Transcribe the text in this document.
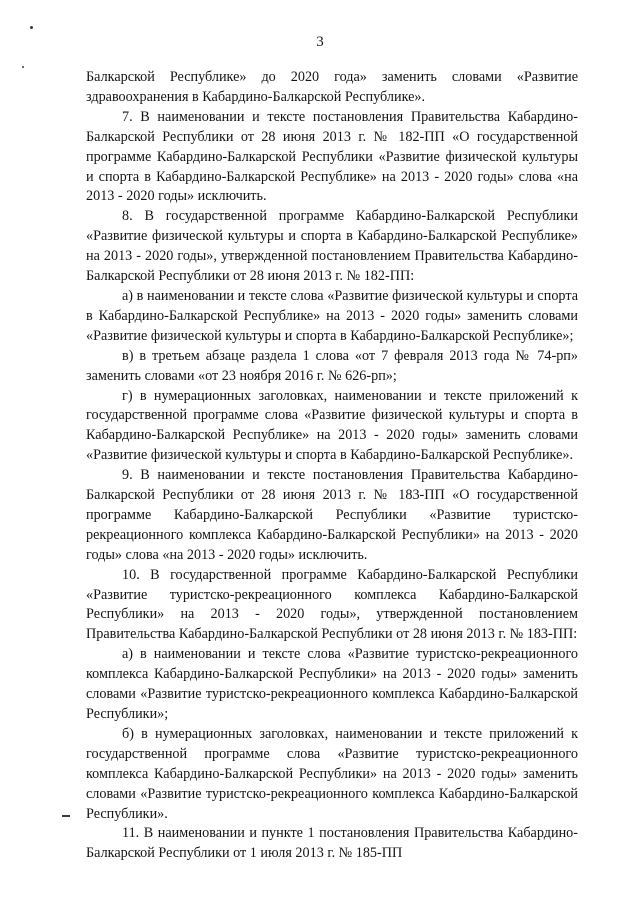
3

Балкарской Республике» до 2020 года» заменить словами «Развитие здравоохранения в Кабардино-Балкарской Республике».

7. В наименовании и тексте постановления Правительства Кабардино-Балкарской Республики от 28 июня 2013 г. № 182-ПП «О государственной программе Кабардино-Балкарской Республики «Развитие физической культуры и спорта в Кабардино-Балкарской Республике» на 2013 - 2020 годы» слова «на 2013 - 2020 годы» исключить.

8. В государственной программе Кабардино-Балкарской Республики «Развитие физической культуры и спорта в Кабардино-Балкарской Республике» на 2013 - 2020 годы», утвержденной постановлением Правительства Кабардино-Балкарской Республики от 28 июня 2013 г. № 182-ПП:

а) в наименовании и тексте слова «Развитие физической культуры и спорта в Кабардино-Балкарской Республике» на 2013 - 2020 годы» заменить словами «Развитие физической культуры и спорта в Кабардино-Балкарской Республике»;

в) в третьем абзаце раздела 1 слова «от 7 февраля 2013 года № 74-рп» заменить словами «от 23 ноября 2016 г. № 626-рп»;

г) в нумерационных заголовках, наименовании и тексте приложений к государственной программе слова «Развитие физической культуры и спорта в Кабардино-Балкарской Республике» на 2013 - 2020 годы» заменить словами «Развитие физической культуры и спорта в Кабардино-Балкарской Республике».

9. В наименовании и тексте постановления Правительства Кабардино-Балкарской Республики от 28 июня 2013 г. № 183-ПП «О государственной программе Кабардино-Балкарской Республики «Развитие туристско-рекреационного комплекса Кабардино-Балкарской Республики» на 2013 - 2020 годы» слова «на 2013 - 2020 годы» исключить.

10. В государственной программе Кабардино-Балкарской Республики «Развитие туристско-рекреационного комплекса Кабардино-Балкарской Республики» на 2013 - 2020 годы», утвержденной постановлением Правительства Кабардино-Балкарской Республики от 28 июня 2013 г. № 183-ПП:

а) в наименовании и тексте слова «Развитие туристско-рекреационного комплекса Кабардино-Балкарской Республики» на 2013 - 2020 годы» заменить словами «Развитие туристско-рекреационного комплекса Кабардино-Балкарской Республики»;

б) в нумерационных заголовках, наименовании и тексте приложений к государственной программе слова «Развитие туристско-рекреационного комплекса Кабардино-Балкарской Республики» на 2013 - 2020 годы» заменить словами «Развитие туристско-рекреационного комплекса Кабардино-Балкарской Республики».

11. В наименовании и пункте 1 постановления Правительства Кабардино-Балкарской Республики от 1 июля 2013 г. № 185-ПП
